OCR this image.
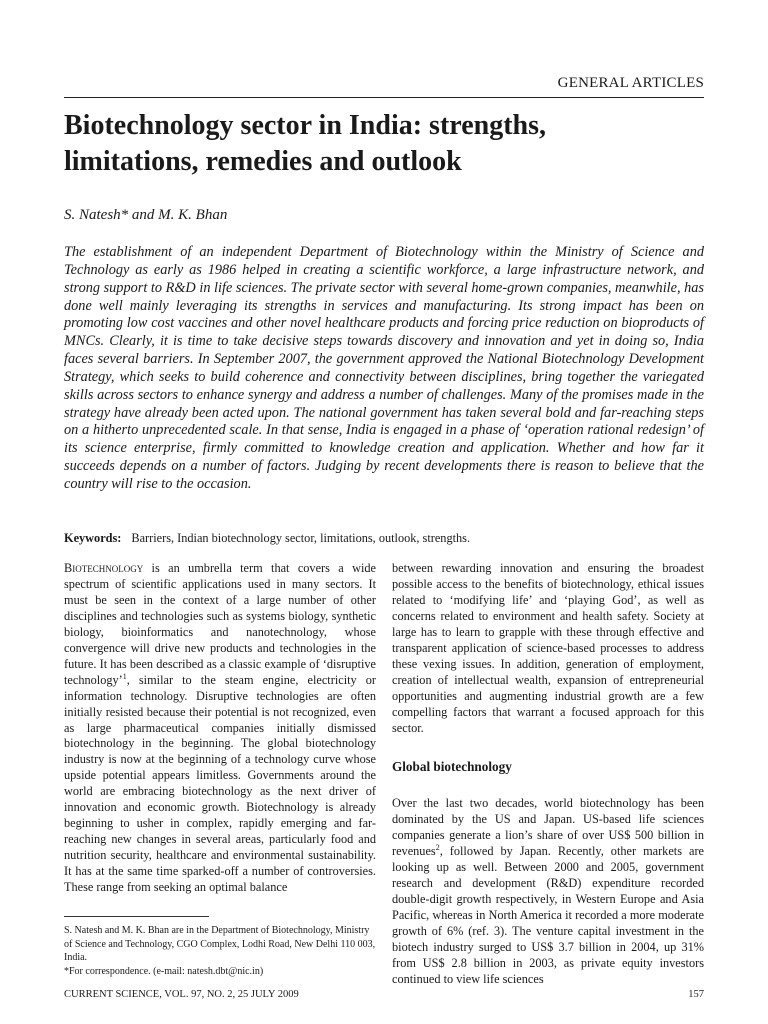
GENERAL ARTICLES
Biotechnology sector in India: strengths,
limitations, remedies and outlook
S. Natesh* and M. K. Bhan

The establishment of an independent Department of Biotechnology within the Ministry of Science and Technology as early as 1986 helped in creating a scientific workforce, a large infrastructure network, and strong support to R&D in life sciences. The private sector with several home-grown companies, meanwhile, has done well mainly leveraging its strengths in services and manufacturing. Its strong impact has been on promoting low cost vaccines and other novel healthcare products and forcing price reduction on bioproducts of MNCs. Clearly, it is time to take decisive steps towards discovery and innovation and yet in doing so, India faces several barriers. In September 2007, the government approved the National Biotechnology Development Strategy, which seeks to build coherence and connectivity between disciplines, bring together the variegated skills across sectors to enhance synergy and address a number of challenges. Many of the promises made in the strategy have already been acted upon. The national government has taken several bold and far-reaching steps on a hitherto unprecedented scale. In that sense, India is engaged in a phase of ‘operation rational redesign’ of its science enterprise, firmly committed to knowledge creation and application. Whether and how far it succeeds depends on a number of factors. Judging by recent developments there is reason to believe that the country will rise to the occasion.

Keywords: Barriers, Indian biotechnology sector, limitations, outlook, strengths.

Biotechnology is an umbrella term that covers a wide spectrum of scientific applications used in many sectors. It must be seen in the context of a large number of other disciplines and technologies such as systems biology, synthetic biology, bioinformatics and nanotechnology, whose convergence will drive new products and technologies in the future. It has been described as a classic example of ‘disruptive technology’$^1$, similar to the steam engine, electricity or information technology. Disruptive technologies are often initially resisted because their potential is not recognized, even as large pharmaceutical companies initially dismissed biotechnology in the beginning. The global biotechnology industry is now at the beginning of a technology curve whose upside potential appears limitless. Governments around the world are embracing biotechnology as the next driver of innovation and economic growth. Biotechnology is already beginning to usher in complex, rapidly emerging and far-reaching new changes in several areas, particularly food and nutrition security, healthcare and environmental sustainability. It has at the same time sparked-off a number of controversies. These range from seeking an optimal balance

between rewarding innovation and ensuring the broadest possible access to the benefits of biotechnology, ethical issues related to ‘modifying life’ and ‘playing God’, as well as concerns related to environment and health safety. Society at large has to learn to grapple with these through effective and transparent application of science-based processes to address these vexing issues. In addition, generation of employment, creation of intellectual wealth, expansion of entrepreneurial opportunities and augmenting industrial growth are a few compelling factors that warrant a focused approach for this sector.

Global biotechnology

Over the last two decades, world biotechnology has been dominated by the US and Japan. US-based life sciences companies generate a lion’s share of over US$ 500 billion in revenues$^2$, followed by Japan. Recently, other markets are looking up as well. Between 2000 and 2005, government research and development (R&D) expenditure recorded double-digit growth respectively, in Western Europe and Asia Pacific, whereas in North America it recorded a more moderate growth of 6% (ref. 3). The venture capital investment in the biotech industry surged to US$ 3.7 billion in 2004, up 31% from US$ 2.8 billion in 2003, as private equity investors continued to view life sciences

S. Natesh and M. K. Bhan are in the Department of Biotechnology, Ministry of Science and Technology, CGO Complex, Lodhi Road, New Delhi 110 003, India.
*For correspondence. (e-mail: natesh.dbt@nic.in)

CURRENT SCIENCE, VOL. 97, NO. 2, 25 JULY 2009	157
